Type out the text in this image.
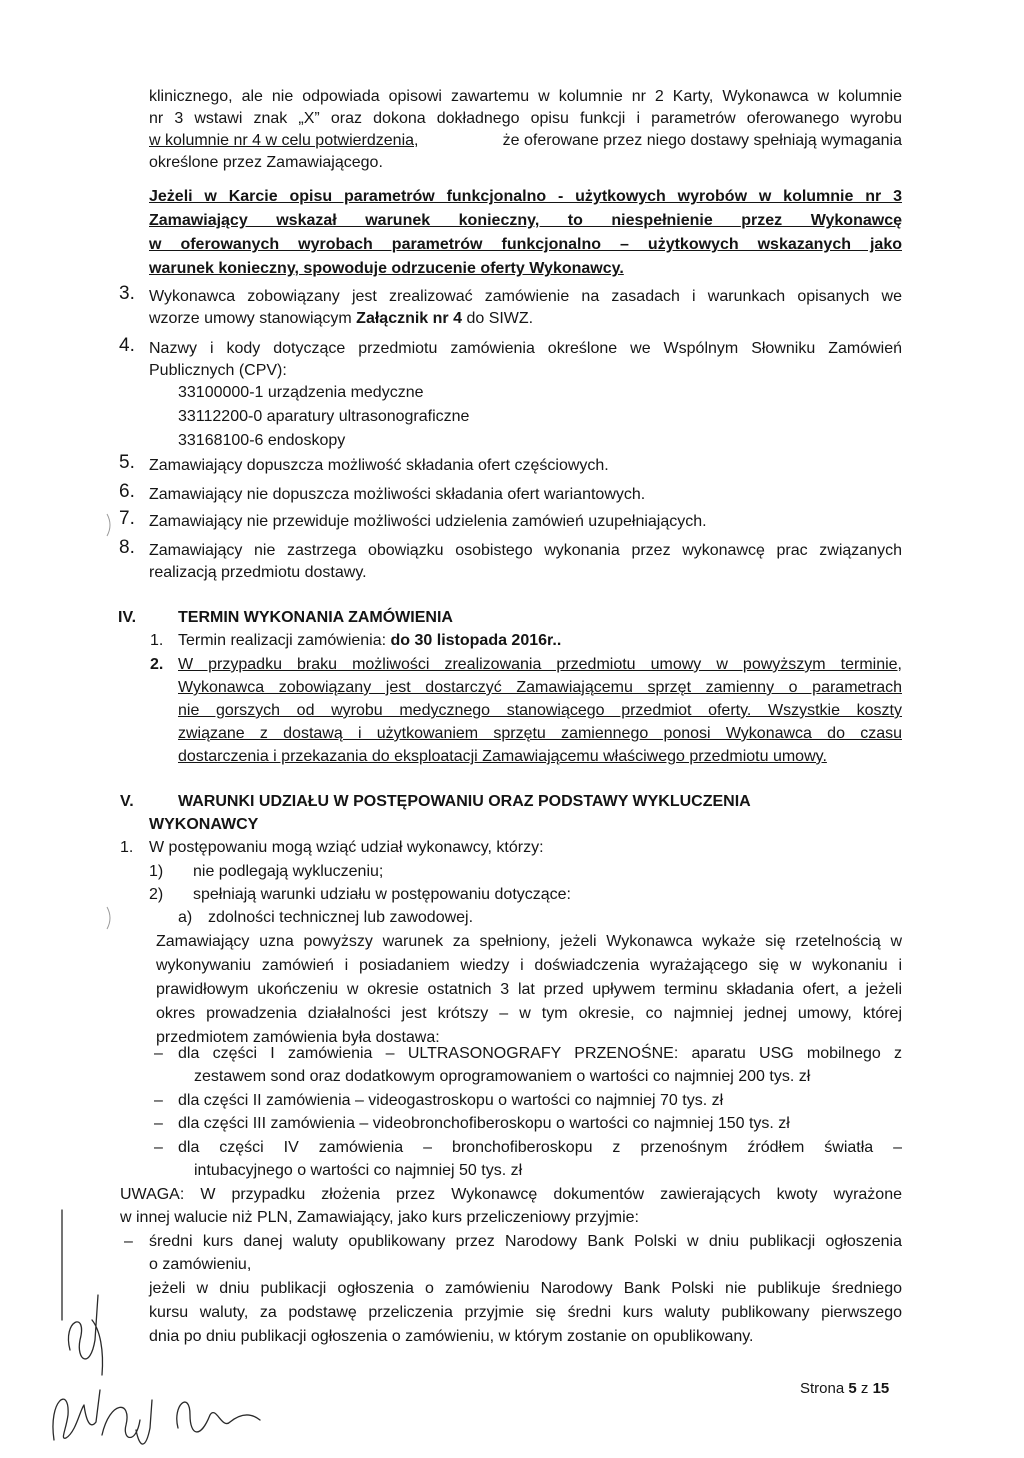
klinicznego, ale nie odpowiada opisowi zawartemu w kolumnie nr 2 Karty, Wykonawca w kolumnie
nr 3 wstawi znak „X” oraz dokona dokładnego opisu funkcji i parametrów oferowanego wyrobu
w kolumnie nr 4 w celu potwierdzenia,	że oferowane przez niego dostawy spełniają wymagania
określone przez Zamawiającego.
Jeżeli w Karcie opisu parametrów funkcjonalno - użytkowych wyrobów w kolumnie nr 3
Zamawiający wskazał warunek konieczny, to niespełnienie przez Wykonawcę
w oferowanych wyrobach parametrów funkcjonalno – użytkowych wskazanych jako
warunek konieczny, spowoduje odrzucenie oferty Wykonawcy.
3. Wykonawca zobowiązany jest zrealizować zamówienie na zasadach i warunkach opisanych we
wzorze umowy stanowiącym Załącznik nr 4 do SIWZ.
4. Nazwy i kody dotyczące przedmiotu zamówienia określone we Wspólnym Słowniku Zamówień
Publicznych (CPV):
33100000-1 urządzenia medyczne
33112200-0 aparatury ultrasonograficzne
33168100-6 endoskopy
5. Zamawiający dopuszcza możliwość składania ofert częściowych.
6. Zamawiający nie dopuszcza możliwości składania ofert wariantowych.
7. Zamawiający nie przewiduje możliwości udzielenia zamówień uzupełniających.
8. Zamawiający nie zastrzega obowiązku osobistego wykonania przez wykonawcę prac związanych
realizacją przedmiotu dostawy.
IV.	TERMIN WYKONANIA ZAMÓWIENIA
1. Termin realizacji zamówienia: do 30 listopada 2016r..
2. W przypadku braku możliwości zrealizowania przedmiotu umowy w powyższym terminie,
Wykonawca zobowiązany jest dostarczyć Zamawiającemu sprzęt zamienny o parametrach
nie gorszych od wyrobu medycznego stanowiącego przedmiot oferty. Wszystkie koszty
związane z dostawą i użytkowaniem sprzętu zamiennego ponosi Wykonawca do czasu
dostarczenia i przekazania do eksploatacji Zamawiającemu właściwego przedmiotu umowy.
V.	WARUNKI UDZIAŁU W POSTĘPOWANIU ORAZ PODSTAWY WYKLUCZENIA
WYKONAWCY
1. W postępowaniu mogą wziąć udział wykonawcy, którzy:
1) nie podlegają wykluczeniu;
2) spełniają warunki udziału w postępowaniu dotyczące:
a) zdolności technicznej lub zawodowej.
Zamawiający uzna powyższy warunek za spełniony, jeżeli Wykonawca wykaże się rzetelnością w
wykonywaniu zamówień i posiadaniem wiedzy i doświadczenia wyrażającego się w wykonaniu i
prawidłowym ukończeniu w okresie ostatnich 3 lat przed upływem terminu składania ofert, a jeżeli
okres prowadzenia działalności jest krótszy – w tym okresie, co najmniej jednej umowy, której
przedmiotem zamówienia była dostawa:
– dla części I zamówienia – ULTRASONOGRAFY PRZENOŚNE: aparatu USG mobilnego z
zestawem sond oraz dodatkowym oprogramowaniem o wartości co najmniej 200 tys. zł
– dla części II zamówienia – videogastroskopu o wartości co najmniej 70 tys. zł
– dla części III zamówienia – videobronchofiberoskopu o wartości co najmniej 150 tys. zł
– dla części IV zamówienia – bronchofiberoskopu z przenośnym źródłem światła –
intubacyjnego o wartości co najmniej 50 tys. zł
UWAGA: W przypadku złożenia przez Wykonawcę dokumentów zawierających kwoty wyrażone
w innej walucie niż PLN, Zamawiający, jako kurs przeliczeniowy przyjmie:
– średni kurs danej waluty opublikowany przez Narodowy Bank Polski w dniu publikacji ogłoszenia
o zamówieniu,
jeżeli w dniu publikacji ogłoszenia o zamówieniu Narodowy Bank Polski nie publikuje średniego
kursu waluty, za podstawę przeliczenia przyjmie się średni kurs waluty publikowany pierwszego
dnia po dniu publikacji ogłoszenia o zamówieniu, w którym zostanie on opublikowany.
Strona 5 z 15
